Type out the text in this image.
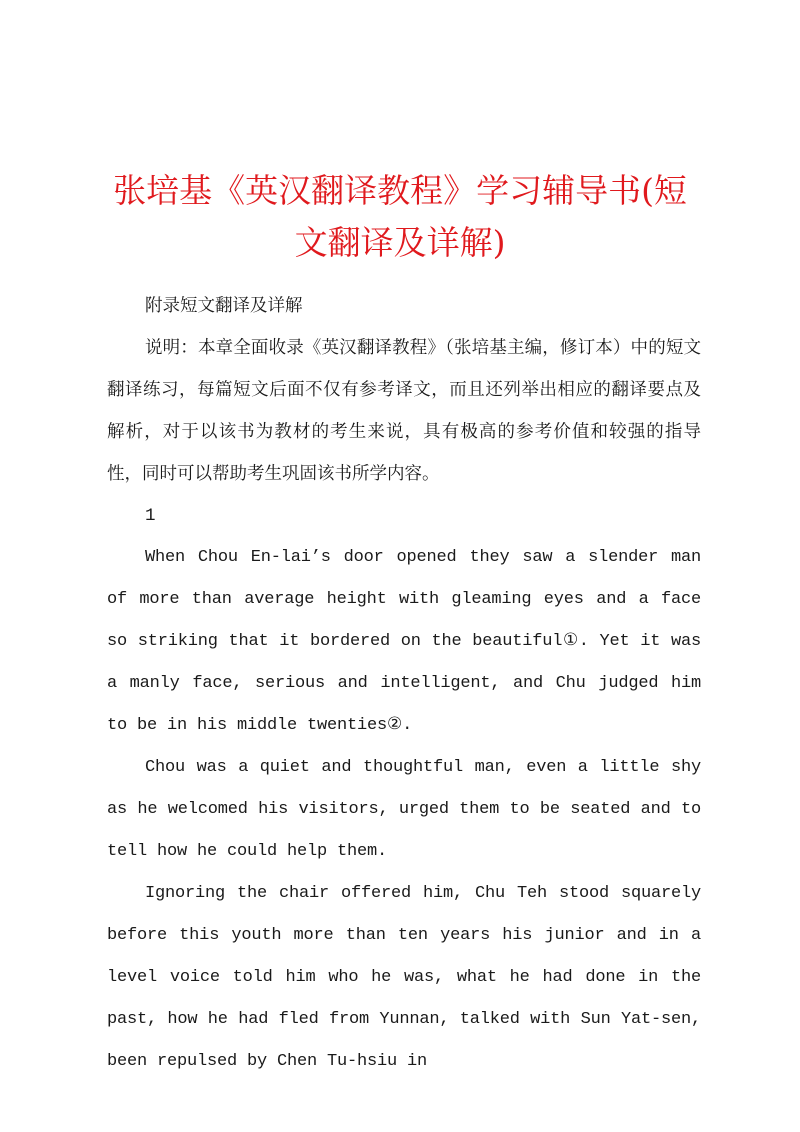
张培基《英汉翻译教程》学习辅导书(短文翻译及详解)

附录短文翻译及详解

说明：本章全面收录《英汉翻译教程》（张培基主编，修订本）中的短文翻译练习，每篇短文后面不仅有参考译文，而且还列举出相应的翻译要点及解析，对于以该书为教材的考生来说，具有极高的参考价值和较强的指导性，同时可以帮助考生巩固该书所学内容。

1

When Chou En-lai’s door opened they saw a slender man of more than average height with gleaming eyes and a face so striking that it bordered on the beautiful①. Yet it was a manly face, serious and intelligent, and Chu judged him to be in his middle twenties②.

Chou was a quiet and thoughtful man, even a little shy as he welcomed his visitors, urged them to be seated and to tell how he could help them.

Ignoring the chair offered him, Chu Teh stood squarely before this youth more than ten years his junior and in a level voice told him who he was, what he had done in the past, how he had fled from Yunnan, talked with Sun Yat-sen, been repulsed by Chen Tu-hsiu in
